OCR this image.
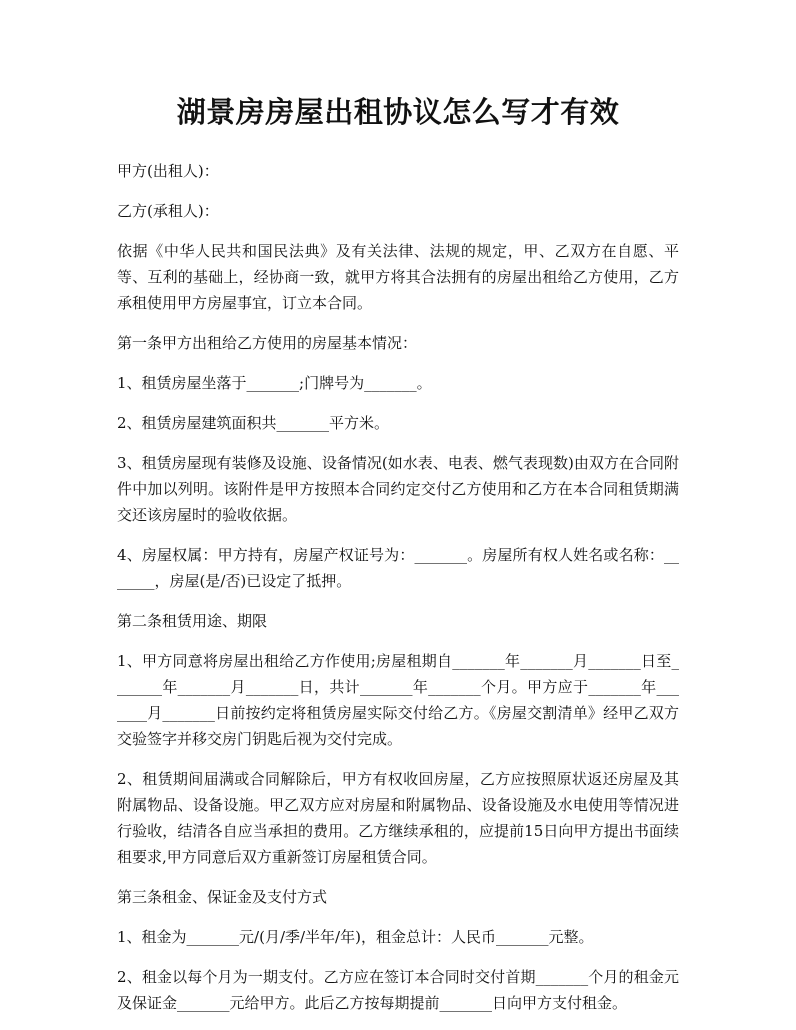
湖景房房屋出租协议怎么写才有效

甲方(出租人)：

乙方(承租人)：

依据《中华人民共和国民法典》及有关法律、法规的规定，甲、乙双方在自愿、平等、互利的基础上，经协商一致，就甲方将其合法拥有的房屋出租给乙方使用，乙方承租使用甲方房屋事宜，订立本合同。

第一条甲方出租给乙方使用的房屋基本情况：

1、租赁房屋坐落于_______;门牌号为_______。

2、租赁房屋建筑面积共_______平方米。

3、租赁房屋现有装修及设施、设备情况(如水表、电表、燃气表现数)由双方在合同附件中加以列明。该附件是甲方按照本合同约定交付乙方使用和乙方在本合同租赁期满交还该房屋时的验收依据。

4、房屋权属：甲方持有，房屋产权证号为：_______。房屋所有权人姓名或名称：_______，房屋(是/否)已设定了抵押。

第二条租赁用途、期限

1、甲方同意将房屋出租给乙方作使用;房屋租期自_______年_______月_______日至_______年_______月_______日，共计_______年_______个月。甲方应于_______年_______月_______日前按约定将租赁房屋实际交付给乙方。《房屋交割清单》经甲乙双方交验签字并移交房门钥匙后视为交付完成。

2、租赁期间届满或合同解除后，甲方有权收回房屋，乙方应按照原状返还房屋及其附属物品、设备设施。甲乙双方应对房屋和附属物品、设备设施及水电使用等情况进行验收，结清各自应当承担的费用。乙方继续承租的，应提前15日向甲方提出书面续租要求,甲方同意后双方重新签订房屋租赁合同。

第三条租金、保证金及支付方式

1、租金为_______元/(月/季/半年/年)，租金总计：人民币_______元整。

2、租金以每个月为一期支付。乙方应在签订本合同时交付首期_______个月的租金元及保证金_______元给甲方。此后乙方按每期提前_______日向甲方支付租金。
